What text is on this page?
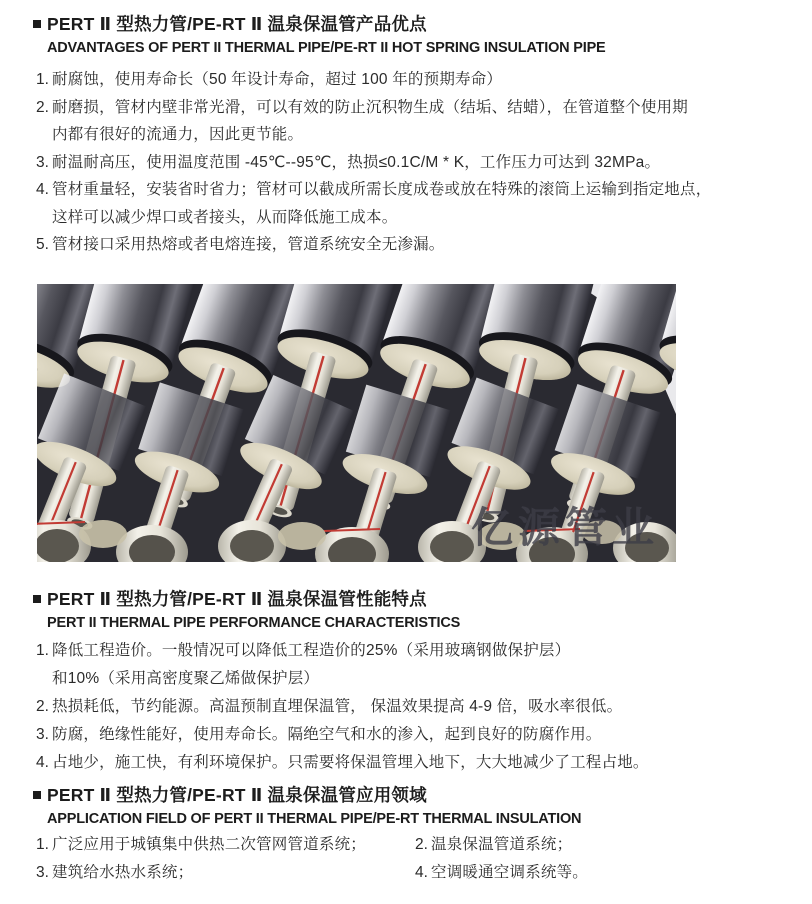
PERT Ⅱ 型热力管/PE-RT Ⅱ 温泉保温管产品优点
ADVANTAGES OF PERT II THERMAL PIPE/PE-RT II HOT SPRING INSULATION PIPE
1. 耐腐蚀，使用寿命长（50 年设计寿命，超过 100 年的预期寿命）
2. 耐磨损，管材内壁非常光滑，可以有效的防止沉积物生成（结垢、结蜡），在管道整个使用期
内都有很好的流通力，因此更节能。
3. 耐温耐高压，使用温度范围 -45℃--95℃，热损≤0.1C/M * K，工作压力可达到 32MPa。
4. 管材重量轻，安装省时省力；管材可以截成所需长度成卷或放在特殊的滚筒上运输到指定地点，
这样可以减少焊口或者接头，从而降低施工成本。
5. 管材接口采用热熔或者电熔连接，管道系统安全无渗漏。
亿源管业
PERT Ⅱ 型热力管/PE-RT Ⅱ 温泉保温管性能特点
PERT II THERMAL PIPE PERFORMANCE CHARACTERISTICS
1. 降低工程造价。一般情况可以降低工程造价的25%（采用玻璃钢做保护层）
和10%（采用高密度聚乙烯做保护层）
2. 热损耗低，节约能源。高温预制直埋保温管， 保温效果提高 4-9 倍，吸水率很低。
3. 防腐，绝缘性能好，使用寿命长。隔绝空气和水的渗入，起到良好的防腐作用。
4. 占地少，施工快，有利环境保护。只需要将保温管埋入地下，大大地减少了工程占地。
PERT Ⅱ 型热力管/PE-RT Ⅱ 温泉保温管应用领域
APPLICATION FIELD OF PERT II THERMAL PIPE/PE-RT THERMAL INSULATION
1. 广泛应用于城镇集中供热二次管网管道系统；	2. 温泉保温管道系统；
3. 建筑给水热水系统；	4. 空调暖通空调系统等。
